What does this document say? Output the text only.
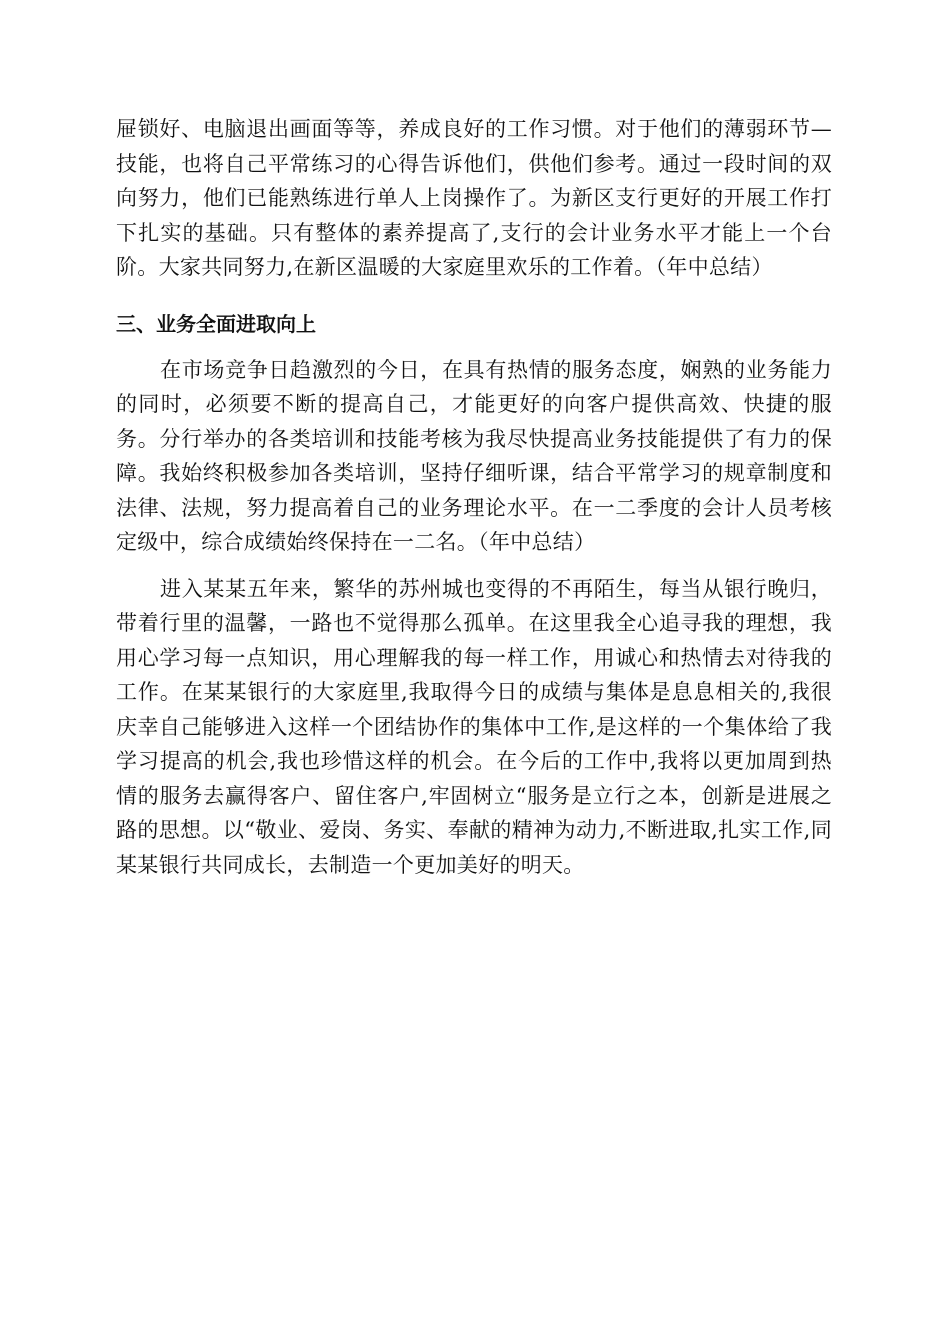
屉锁好、电脑退出画面等等，养成良好的工作习惯。对于他们的薄弱环节—技能，也将自己平常练习的心得告诉他们，供他们参考。通过一段时间的双向努力，他们已能熟练进行单人上岗操作了。为新区支行更好的开展工作打下扎实的基础。只有整体的素养提高了,支行的会计业务水平才能上一个台阶。大家共同努力,在新区温暖的大家庭里欢乐的工作着。（年中总结）

三、业务全面进取向上

在市场竞争日趋激烈的今日，在具有热情的服务态度，娴熟的业务能力的同时，必须要不断的提高自己，才能更好的向客户提供高效、快捷的服务。分行举办的各类培训和技能考核为我尽快提高业务技能提供了有力的保障。我始终积极参加各类培训，坚持仔细听课，结合平常学习的规章制度和法律、法规，努力提高着自己的业务理论水平。在一二季度的会计人员考核定级中，综合成绩始终保持在一二名。（年中总结）

进入某某五年来，繁华的苏州城也变得的不再陌生，每当从银行晚归，带着行里的温馨，一路也不觉得那么孤单。在这里我全心追寻我的理想，我用心学习每一点知识，用心理解我的每一样工作，用诚心和热情去对待我的工作。在某某银行的大家庭里,我取得今日的成绩与集体是息息相关的,我很庆幸自己能够进入这样一个团结协作的集体中工作,是这样的一个集体给了我学习提高的机会,我也珍惜这样的机会。在今后的工作中,我将以更加周到热情的服务去赢得客户、留住客户,牢固树立“服务是立行之本，创新是进展之路的思想。以“敬业、爱岗、务实、奉献的精神为动力,不断进取,扎实工作,同某某银行共同成长，去制造一个更加美好的明天。
